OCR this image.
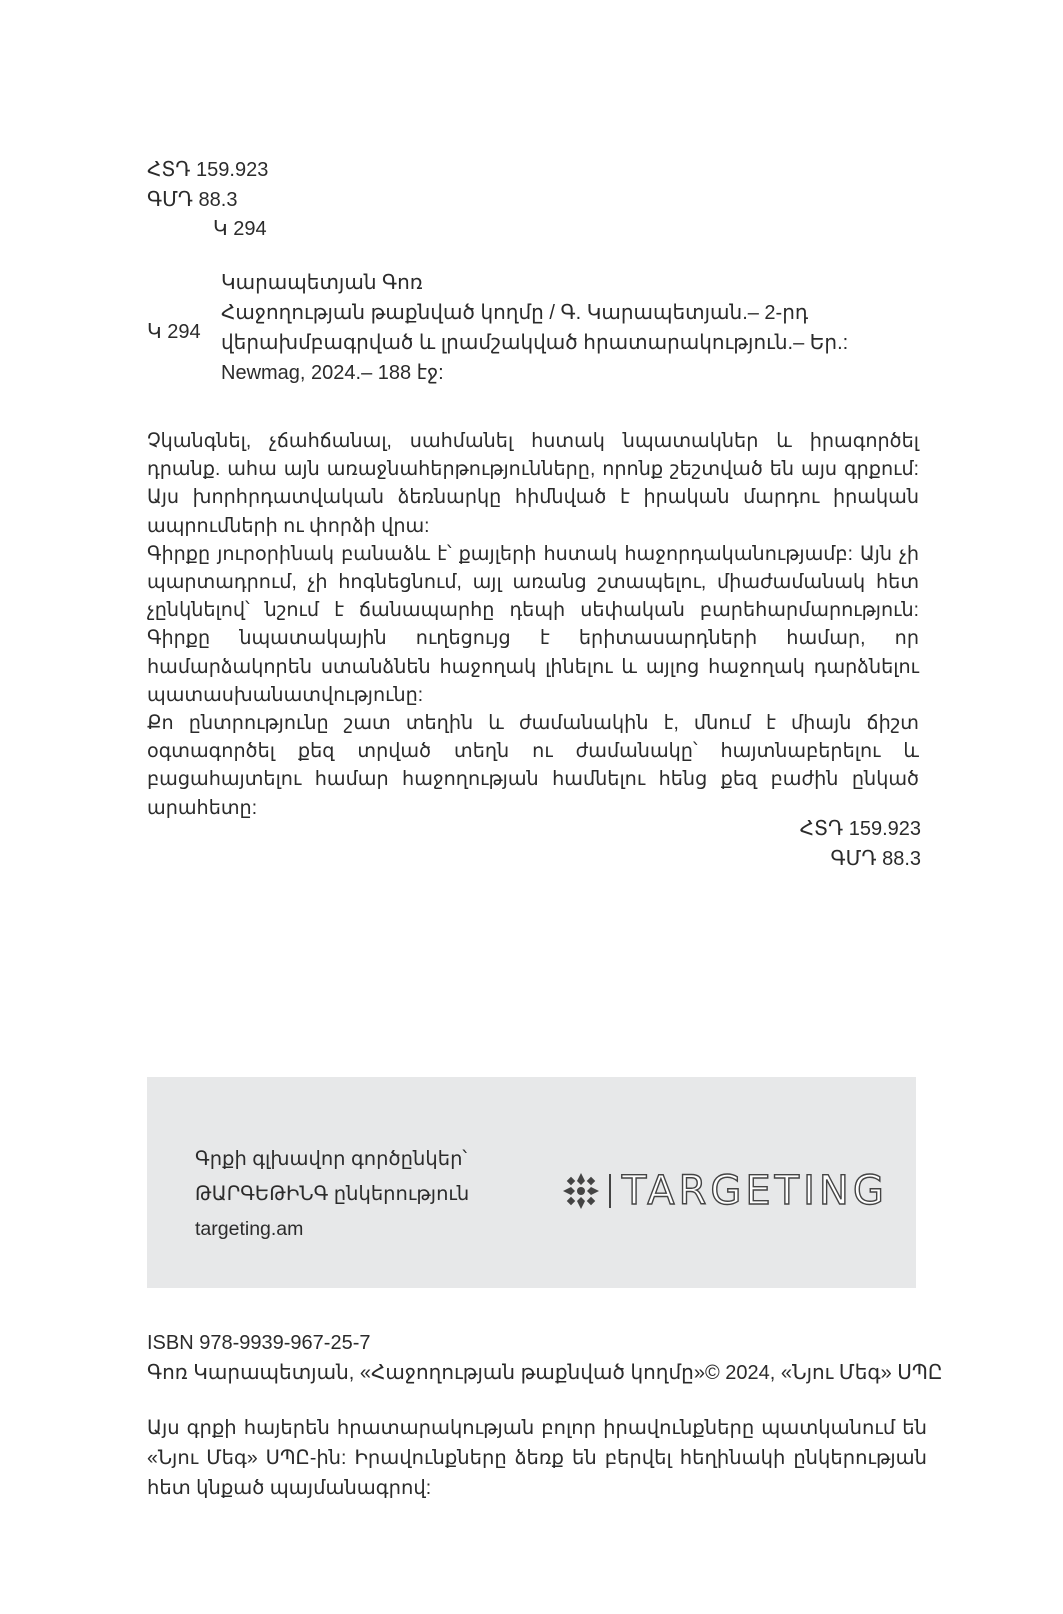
ՀՏԴ 159.923
ԳՄԴ 88.3
Կ 294
Կ 294
Կարապետյան Գոռ
Հաջողության թաքնված կողմը / Գ. Կարապետյան.– 2-րդ
վերախմբագրված և լրամշակված հրատարակություն.– Եր.:
Newmag, 2024.– 188 էջ:

Չկանգնել, չճահճանալ, սահմանել հստակ նպատակներ և իրագործել դրանք. ահա այն առաջնահերթությունները, որոնք շեշտված են այս գրքում: Այս խորհրդատվական ձեռնարկը հիմնված է իրական մարդու իրական ապրումների ու փորձի վրա:

Գիրքը յուրօրինակ բանաձև է՝ քայլերի հստակ հաջորդականությամբ: Այն չի պարտադրում, չի հոգնեցնում, այլ առանց շտապելու, միաժամանակ հետ չընկնելով՝ նշում է ճանապարհը դեպի սեփական բարեհարմարություն: Գիրքը նպատակային ուղեցույց է երիտասարդների համար, որ համարձակորեն ստանձնեն հաջողակ լինելու և այլոց հաջողակ դարձնելու պատասխանատվությունը:

Քո ընտրությունը շատ տեղին և ժամանակին է, մնում է միայն ճիշտ օգտագործել քեզ տրված տեղն ու ժամանակը՝ հայտնաբերելու և բացահայտելու համար հաջողության համնելու հենց քեզ բաժին ընկած արահետը:

ՀՏԴ 159.923
ԳՄԴ 88.3
Գրքի գլխավոր գործընկեր՝
ԹԱՐԳԵԹԻՆԳ ընկերություն
targeting.am
TARGETING
ISBN 978-9939-967-25-7
Գոռ Կարապետյան, «Հաջողության թաքնված կողմը»© 2024, «Նյու Մեգ» ՍՊԸ
Այս գրքի հայերեն հրատարակության բոլոր իրավունքները պատկանում են «Նյու Մեգ» ՍՊԸ-ին: Իրավունքները ձեռք են բերվել հեղինակի ընկերության հետ կնքած պայմանագրով:
